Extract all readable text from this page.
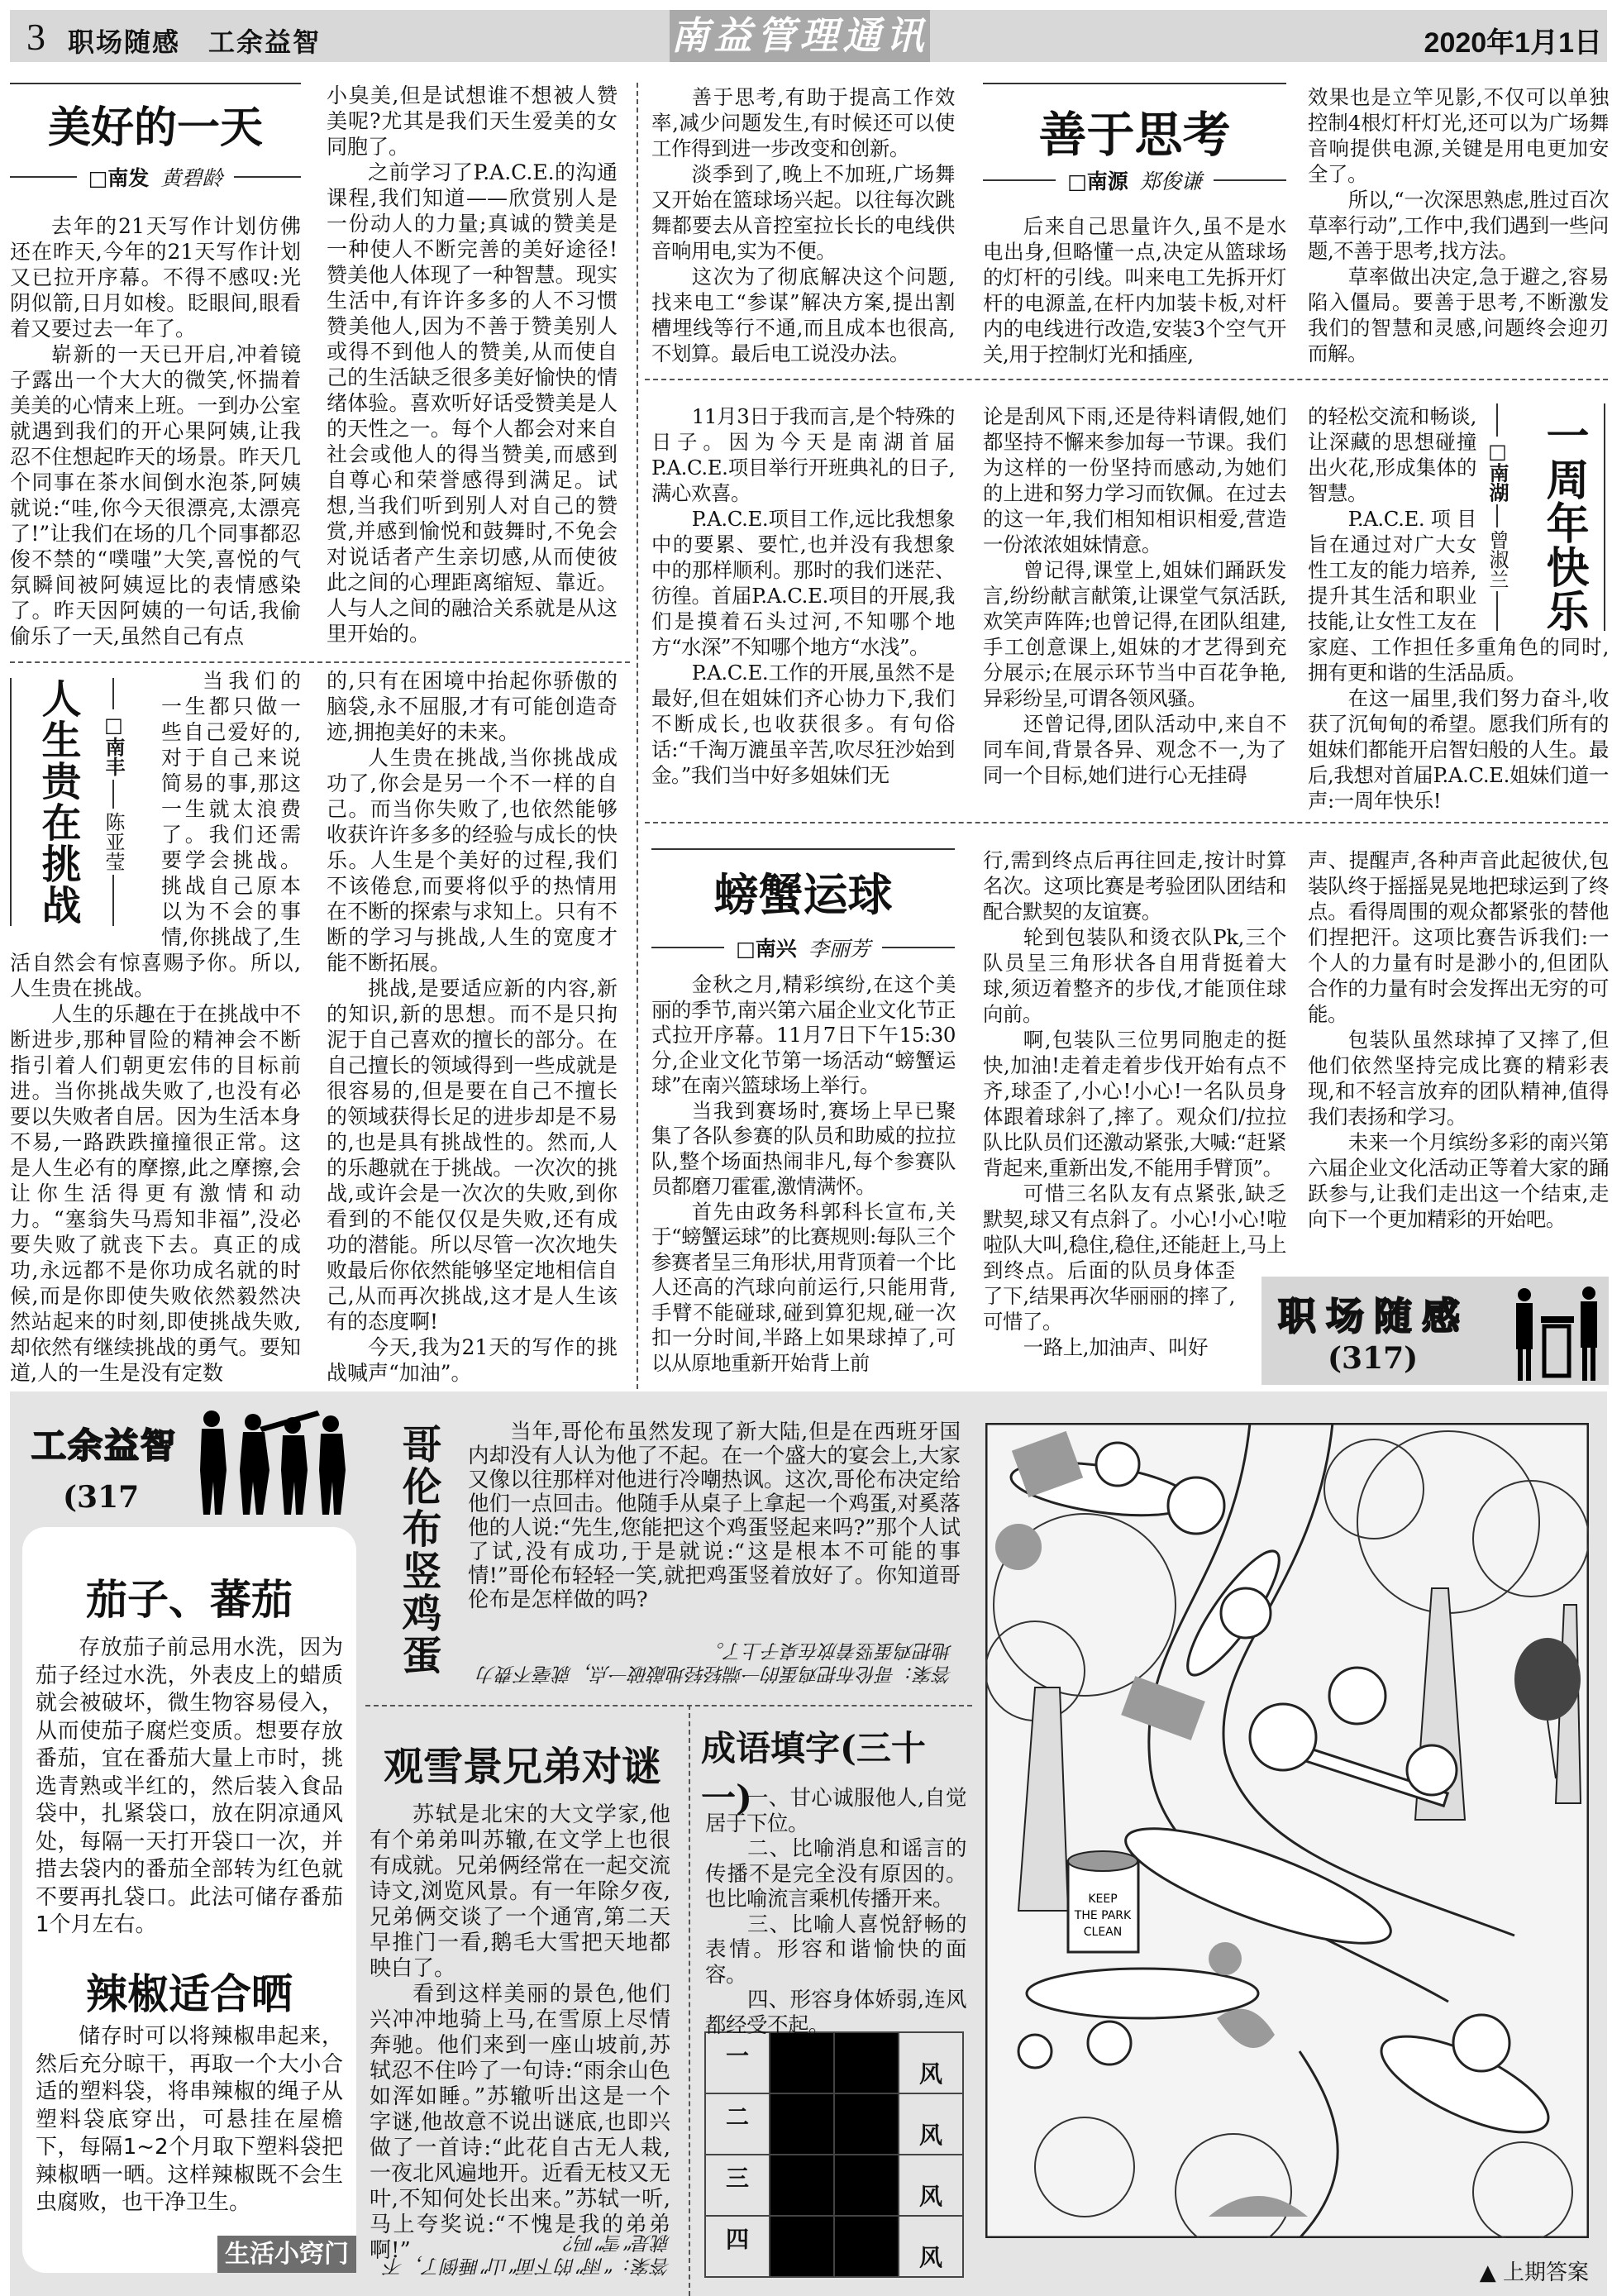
3 职场随感　工余益智	南益管理通讯	2020年1月1日
美好的一天
□南发 黄碧龄

去年的21天写作计划仿佛还在昨天,今年的21天写作计划又已拉开序幕。不得不感叹:光阴似箭,日月如梭。眨眼间,眼看着又要过去一年了。

崭新的一天已开启,冲着镜子露出一个大大的微笑,怀揣着美美的心情来上班。一到办公室就遇到我们的开心果阿姨,让我忍不住想起昨天的场景。昨天几个同事在茶水间倒水泡茶,阿姨就说:“哇,你今天很漂亮,太漂亮了!”让我们在场的几个同事都忍俊不禁的“噗嗤”大笑,喜悦的气氛瞬间被阿姨逗比的表情感染了。昨天因阿姨的一句话,我偷偷乐了一天,虽然自己有点

小臭美,但是试想谁不想被人赞美呢?尤其是我们天生爱美的女同胞了。

之前学习了P.A.C.E.的沟通课程,我们知道——欣赏别人是一份动人的力量;真诚的赞美是一种使人不断完善的美好途径!赞美他人体现了一种智慧。现实生活中,有许许多多的人不习惯赞美他人,因为不善于赞美别人或得不到他人的赞美,从而使自己的生活缺乏很多美好愉快的情绪体验。喜欢听好话受赞美是人的天性之一。每个人都会对来自社会或他人的得当赞美,而感到自尊心和荣誉感得到满足。试想,当我们听到别人对自己的赞赏,并感到愉悦和鼓舞时,不免会对说话者产生亲切感,从而使彼此之间的心理距离缩短、靠近。人与人之间的融洽关系就是从这里开始的。

人生贵在挑战 □南丰
陈亚莹

当我们的一生都只做一些自己爱好的,对于自己来说简易的事,那这一生就太浪费了。我们还需要学会挑战。挑战自己原本以为不会的事情,你挑战了,生活自然会有惊喜赐予你。所以,人生贵在挑战。

人生的乐趣在于在挑战中不断进步,那种冒险的精神会不断指引着人们朝更宏伟的目标前进。当你挑战失败了,也没有必要以失败者自居。因为生活本身不易,一路跌跌撞撞很正常。这是人生必有的摩擦,此之摩擦,会让你生活得更有激情和动力。“塞翁失马焉知非福”,没必要失败了就丧下去。真正的成功,永远都不是你功成名就的时候,而是你即使失败依然毅然决然站起来的时刻,即使挑战失败,却依然有继续挑战的勇气。要知道,人的一生是没有定数

的,只有在困境中抬起你骄傲的脑袋,永不屈服,才有可能创造奇迹,拥抱美好的未来。

人生贵在挑战,当你挑战成功了,你会是另一个不一样的自己。而当你失败了,也依然能够收获许许多多的经验与成长的快乐。人生是个美好的过程,我们不该倦怠,而要将似乎的热情用在不断的探索与求知上。只有不断的学习与挑战,人生的宽度才能不断拓展。

挑战,是要适应新的内容,新的知识,新的思想。而不是只拘泥于自己喜欢的擅长的部分。在自己擅长的领域得到一些成就是很容易的,但是要在自己不擅长的领域获得长足的进步却是不易的,也是具有挑战性的。然而,人的乐趣就在于挑战。一次次的挑战,或许会是一次次的失败,到你看到的不能仅仅是失败,还有成功的潜能。所以尽管一次次地失败最后你依然能够坚定地相信自己,从而再次挑战,这才是人生该有的态度啊!

今天,我为21天的写作的挑战喊声“加油”。

善于思考,有助于提高工作效率,减少问题发生,有时候还可以使工作得到进一步改变和创新。

淡季到了,晚上不加班,广场舞又开始在篮球场兴起。以往每次跳舞都要去从音控室拉长长的电线供音响用电,实为不便。

这次为了彻底解决这个问题,找来电工“参谋”解决方案,提出割槽埋线等行不通,而且成本也很高,不划算。最后电工说没办法。

善于思考
□南源 郑俊谦

后来自己思量许久,虽不是水电出身,但略懂一点,决定从篮球场的灯杆的引线。叫来电工先拆开灯杆的电源盖,在杆内加装卡板,对杆内的电线进行改造,安装3个空气开关,用于控制灯光和插座,

效果也是立竿见影,不仅可以单独控制4根灯杆灯光,还可以为广场舞音响提供电源,关键是用电更加安全了。

所以,“一次深思熟虑,胜过百次草率行动”,工作中,我们遇到一些问题,不善于思考,找方法。

草率做出决定,急于避之,容易陷入僵局。要善于思考,不断激发我们的智慧和灵感,问题终会迎刃而解。

11月3日于我而言,是个特殊的日子。因为今天是南湖首届P.A.C.E.项目举行开班典礼的日子,满心欢喜。

P.A.C.E.项目工作,远比我想象中的要累、要忙,也并没有我想象中的那样顺利。那时的我们迷茫、彷徨。首届P.A.C.E.项目的开展,我们是摸着石头过河,不知哪个地方“水深”不知哪个地方“水浅”。

P.A.C.E.工作的开展,虽然不是最好,但在姐妹们齐心协力下,我们不断成长,也收获很多。有句俗话:“千淘万漉虽辛苦,吹尽狂沙始到金。”我们当中好多姐妹们无

论是刮风下雨,还是待料请假,她们都坚持不懈来参加每一节课。我们为这样的一份坚持而感动,为她们的上进和努力学习而钦佩。在过去的这一年,我们相知相识相爱,营造一份浓浓姐妹情意。

曾记得,课堂上,姐妹们踊跃发言,纷纷献言献策,让课堂气氛活跃,欢笑声阵阵;也曾记得,在团队组建,手工创意课上,姐妹的才艺得到充分展示;在展示环节当中百花争艳,异彩纷呈,可谓各领风骚。

还曾记得,团队活动中,来自不同车间,背景各异、观念不一,为了同一个目标,她们进行心无挂碍

□南湖
曾淑兰 一周年快乐

的轻松交流和畅谈,让深藏的思想碰撞出火花,形成集体的智慧。

P.A.C.E.项目旨在通过对广大女性工友的能力培养,提升其生活和职业技能,让女性工友在家庭、工作担任多重角色的同时,拥有更和谐的生活品质。

在这一届里,我们努力奋斗,收获了沉甸甸的希望。愿我们所有的姐妹们都能开启智妇般的人生。最后,我想对首届P.A.C.E.姐妹们道一声:一周年快乐!

螃蟹运球
□南兴 李丽芳

金秋之月,精彩缤纷,在这个美丽的季节,南兴第六届企业文化节正式拉开序幕。11月7日下午15:30分,企业文化节第一场活动“螃蟹运球”在南兴篮球场上举行。

当我到赛场时,赛场上早已聚集了各队参赛的队员和助威的拉拉队,整个场面热闹非凡,每个参赛队员都磨刀霍霍,激情满怀。

首先由政务科郭科长宣布,关于“螃蟹运球”的比赛规则:每队三个参赛者呈三角形状,用背顶着一个比人还高的汽球向前运行,只能用背,手臂不能碰球,碰到算犯规,碰一次扣一分时间,半路上如果球掉了,可以从原地重新开始背上前

行,需到终点后再往回走,按计时算名次。这项比赛是考验团队团结和配合默契的友谊赛。

轮到包装队和烫衣队Pk,三个队员呈三角形状各自用背挺着大球,须迈着整齐的步伐,才能顶住球向前。

啊,包装队三位男同胞走的挺快,加油!走着走着步伐开始有点不齐,球歪了,小心!小心!一名队员身体跟着球斜了,摔了。观众们/拉拉队比队员们还激动紧张,大喊:“赶紧背起来,重新出发,不能用手臂顶”。

可惜三名队友有点紧张,缺乏默契,球又有点斜了。小心!小心!啦啦队大叫,稳住,稳住,还能赶上,马上到终点。后面的队员身体歪了下,结果再次华丽丽的摔了,可惜了。

一路上,加油声、叫好

声、提醒声,各种声音此起彼伏,包装队终于摇摇晃晃地把球运到了终点。看得周围的观众都紧张的替他们捏把汗。这项比赛告诉我们:一个人的力量有时是渺小的,但团队合作的力量有时会发挥出无穷的可能。

包装队虽然球掉了又摔了,但他们依然坚持完成比赛的精彩表现,和不轻言放弃的团队精神,值得我们表扬和学习。

未来一个月缤纷多彩的南兴第六届企业文化活动正等着大家的踊跃参与,让我们走出这一个结束,走向下一个更加精彩的开始吧。

职场随感
(317)
工余益智
(317
茄子、蕃茄

存放茄子前忌用水洗，因为茄子经过水洗，外表皮上的蜡质就会被破坏，微生物容易侵入，从而使茄子腐烂变质。想要存放番茄，宜在番茄大量上市时，挑选青熟或半红的，然后装入食品袋中，扎紧袋口，放在阴凉通风处，每隔一天打开袋口一次，并措去袋内的番茄全部转为红色就不要再扎袋口。此法可储存番茄1个月左右。

辣椒适合晒

储存时可以将辣椒串起来，然后充分晾干，再取一个大小合适的塑料袋，将串辣椒的绳子从塑料袋底穿出，可悬挂在屋檐下，每隔1~2个月取下塑料袋把辣椒晒一晒。这样辣椒既不会生虫腐败，也干净卫生。

生活小窍门
哥伦布竖鸡蛋	当年,哥伦布虽然发现了新大陆,但是在西班牙国内却没有人认为他了不起。在一个盛大的宴会上,大家又像以往那样对他进行冷嘲热讽。这次,哥伦布决定给他们一点回击。他随手从桌子上拿起一个鸡蛋,对奚落他的人说:“先生,您能把这个鸡蛋竖起来吗?”那个人试了试,没有成功,于是就说:“这是根本不可能的事情!”哥伦布轻轻一笑,就把鸡蛋竖着放好了。你知道哥伦布是怎样做的吗?

答案：哥伦布把鸡蛋的一端轻轻地敲破一点，就毫不费力地把鸡蛋竖着放在桌子上了。
观雪景兄弟对谜

苏轼是北宋的大文学家,他有个弟弟叫苏辙,在文学上也很有成就。兄弟俩经常在一起交流诗文,浏览风景。有一年除夕夜,兄弟俩交谈了一个通宵,第二天早推门一看,鹅毛大雪把天地都映白了。

看到这样美丽的景色,他们兴冲冲地骑上马,在雪原上尽情奔驰。他们来到一座山坡前,苏轼忍不住吟了一句诗:“雨余山色如浑如睡。”苏辙听出这是一个字谜,他故意不说出谜底,也即兴做了一首诗:“此花自古无人栽,一夜北风遍地开。近看无枝又无叶,不知何处长出来。”苏轼一听,马上夸奖说:“不愧是我的弟弟啊!”

答案：“雨”的下面“山”睡倒了，不就是“雪”吗？
成语填字(三十一)

一、甘心诚服他人,自觉居于下位。

二、比喻消息和谣言的传播不是完全没有原因的。也比喻流言乘机传播开来。

三、比喻人喜悦舒畅的表情。形容和谐愉快的面容。

四、形容身体娇弱,连风都经受不起。

一			风
二			风
三			风
四			风
KEEP
THE PARK
CLEAN
▲ 上期答案
